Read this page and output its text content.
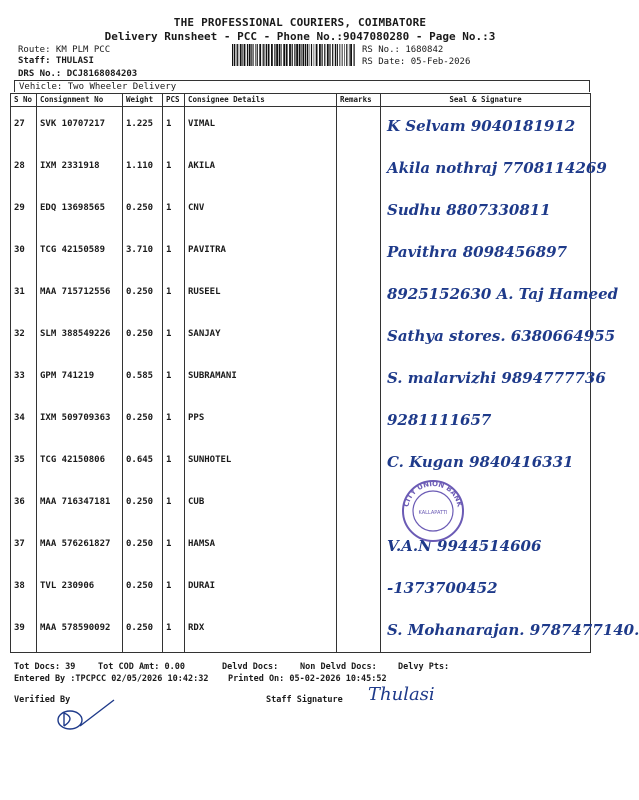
THE PROFESSIONAL COURIERS, COIMBATORE
Delivery Runsheet - PCC - Phone No.:9047080280 - Page No.:3
Route: KM PLM PCC
Staff: THULASI
DRS No.: DCJ8168084203
RS No.: 1680842
RS Date: 05-Feb-2026
Vehicle: Two Wheeler Delivery
S No	Consignment No	Weight	PCS	Consignee Details	Remarks	Seal & Signature
27	SVK 10707217	1.225	1	VIMAL		K Selvam 9040181912

28	IXM 2331918	1.110	1	AKILA		Akila nothraj 7708114269

29	EDQ 13698565	0.250	1	CNV		Sudhu 8807330811

30	TCG 42150589	3.710	1	PAVITRA		Pavithra 8098456897

31	MAA 715712556	0.250	1	RUSEEL		8925152630 A. Taj Hameed

32	SLM 388549226	0.250	1	SANJAY		Sathya stores. 6380664955

33	GPM 741219	0.585	1	SUBRAMANI		S. malarvizhi 9894777736

34	IXM 509709363	0.250	1	PPS		9281111657

35	TCG 42150806	0.645	1	SUNHOTEL		C. Kugan 9840416331

36	MAA 716347181	0.250	1	CUB		
37	MAA 576261827	0.250	1	HAMSA		V.A.N 9944514606

38	TVL 230906	0.250	1	DURAI		-1373700452

39	MAA 578590092	0.250	1	RDX		S. Mohanarajan. 9787477140.
CITY UNION BANK
KALLAPATTI
Tot Docs: 39	Tot COD Amt: 0.00	Delvd Docs:	Non Delvd Docs: Delvy Pts:
Entered By :TPCPCC 02/05/2026 10:42:32 Printed On: 05-02-2026 10:45:52
Verified By	Staff Signature Thulasi
